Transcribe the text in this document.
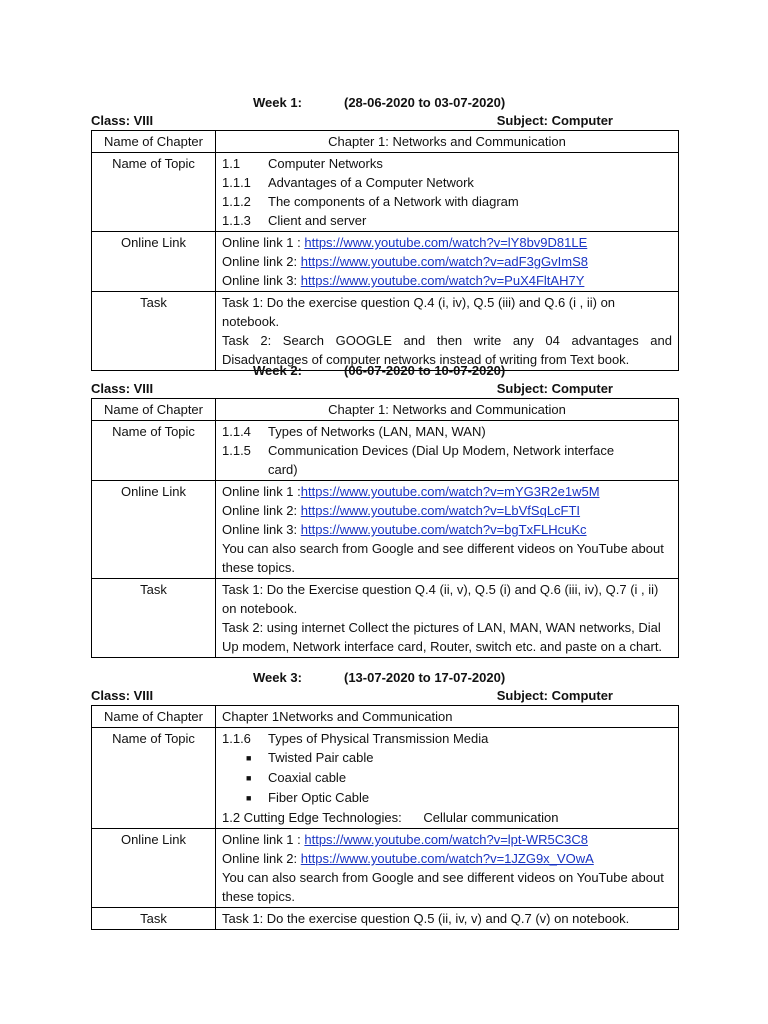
Week 1:	(28-06-2020 to 03-07-2020)
Class: VIII	Subject: Computer
Name of Chapter	Chapter 1: Networks and Communication
Name of Topic	1.1 Computer Networks
1.1.1 Advantages of a Computer Network
1.1.2 The components of a Network with diagram
1.1.3 Client and server

Online Link	Online link 1 : https://www.youtube.com/watch?v=lY8bv9D81LE
Online link 2: https://www.youtube.com/watch?v=adF3gGvImS8
Online link 3: https://www.youtube.com/watch?v=PuX4FltAH7Y

Task	Task 1: Do the exercise question Q.4 (i, iv), Q.5 (iii) and Q.6 (i , ii) on notebook.
Task 2: Search GOOGLE and then write any 04 advantages and Disadvantages of computer networks instead of writing from Text book.
Week 2:	(06-07-2020 to 10-07-2020)
Class: VIII	Subject: Computer
Name of Chapter	Chapter 1: Networks and Communication
Name of Topic	1.1.4 Types of Networks (LAN, MAN, WAN)
1.1.5 Communication Devices (Dial Up Modem, Network interface
card)

Online Link	Online link 1 :https://www.youtube.com/watch?v=mYG3R2e1w5M
Online link 2: https://www.youtube.com/watch?v=LbVfSqLcFTI
Online link 3: https://www.youtube.com/watch?v=bgTxFLHcuKc
You can also search from Google and see different videos on YouTube about these topics.

Task	Task 1: Do the Exercise question Q.4 (ii, v), Q.5 (i) and Q.6 (iii, iv), Q.7 (i , ii) on notebook.
Task 2: using internet Collect the pictures of LAN, MAN, WAN networks, Dial Up modem, Network interface card, Router, switch etc. and paste on a chart.
Week 3:	(13-07-2020 to 17-07-2020)
Class: VIII	Subject: Computer
Name of Chapter	Chapter 1Networks and Communication
Name of Topic	1.1.6 Types of Physical Transmission Media
■ Twisted Pair cable
■ Coaxial cable
■ Fiber Optic Cable
1.2 Cutting Edge Technologies:      Cellular communication

Online Link	Online link 1 : https://www.youtube.com/watch?v=lpt-WR5C3C8
Online link 2: https://www.youtube.com/watch?v=1JZG9x_VOwA
You can also search from Google and see different videos on YouTube about these topics.

Task	Task 1: Do the exercise question Q.5 (ii, iv, v) and Q.7 (v) on notebook.
